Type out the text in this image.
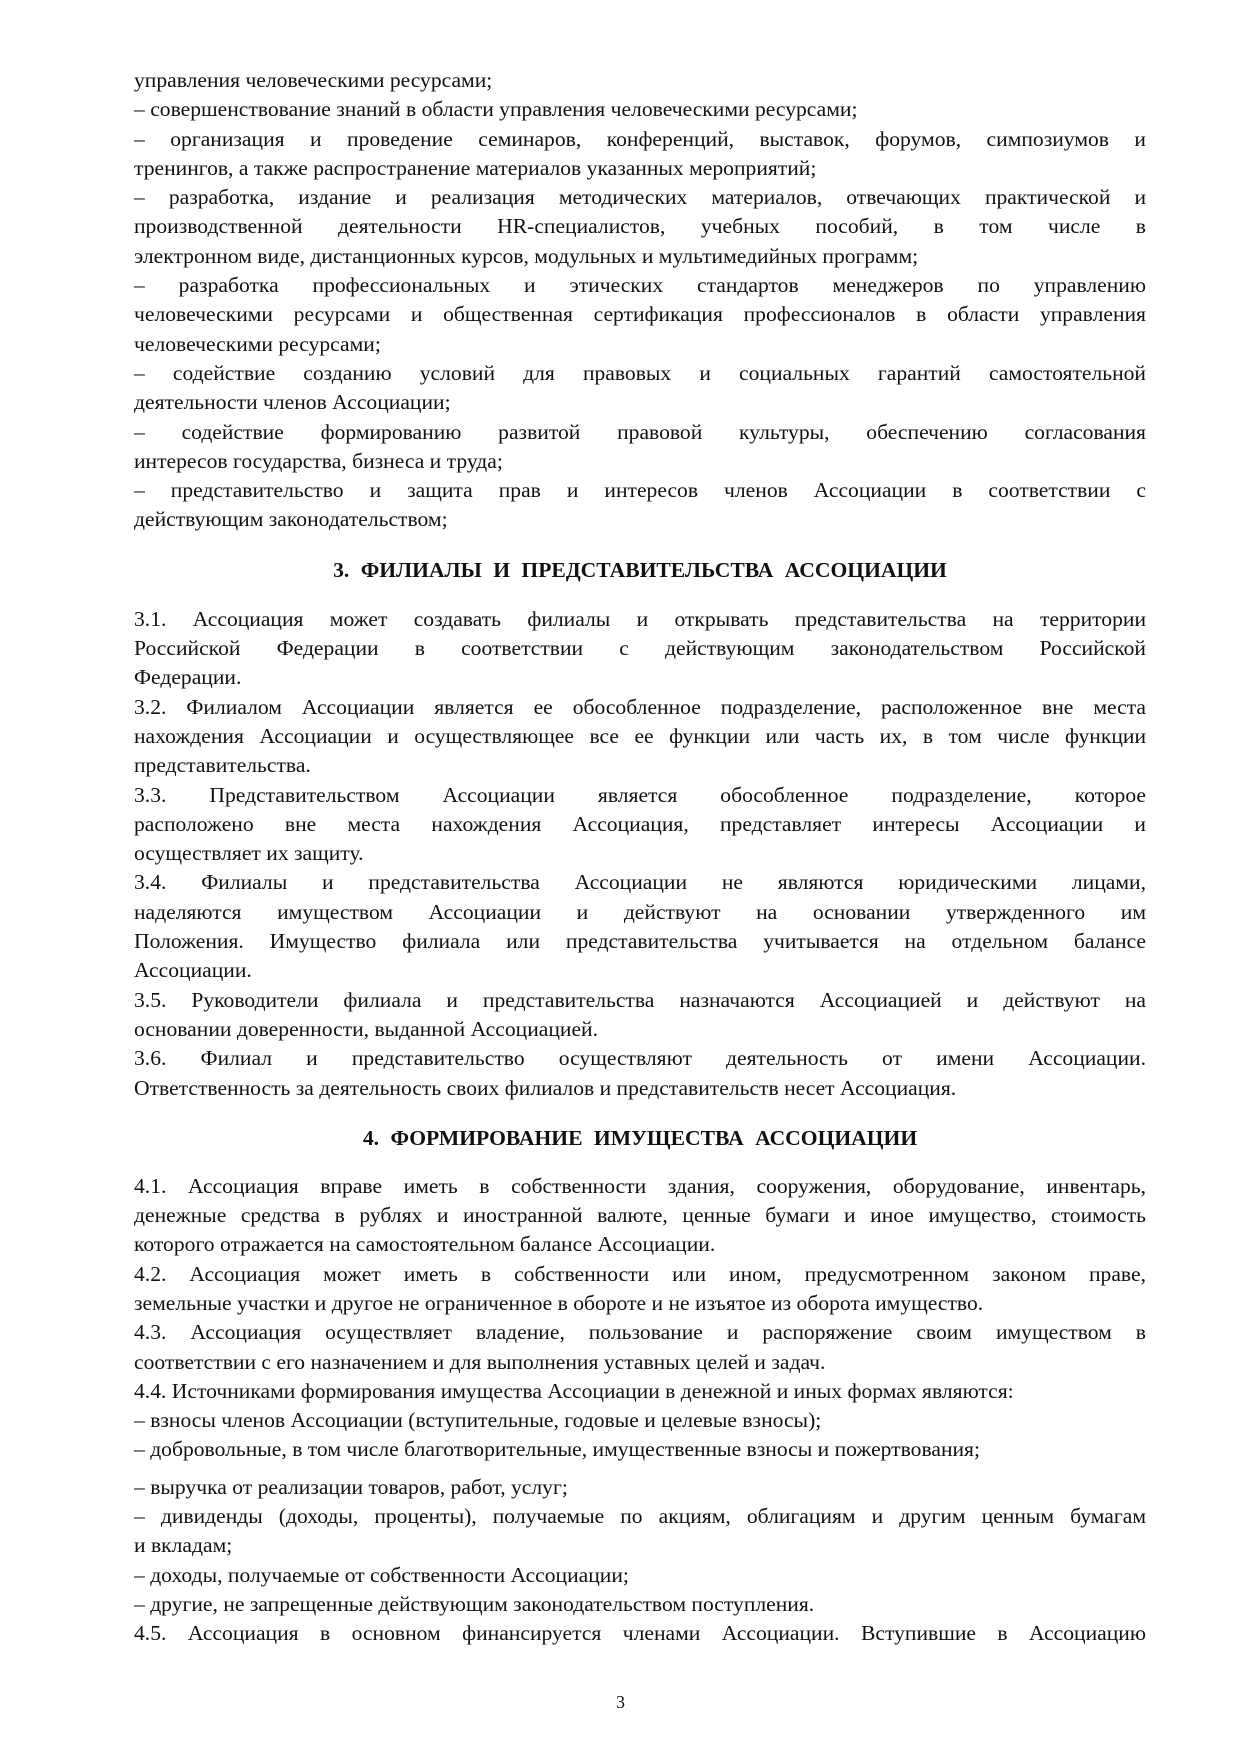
управления человеческими ресурсами;
– совершенствование знаний в области управления человеческими ресурсами;
– организация и проведение семинаров, конференций, выставок, форумов, симпозиумов и
тренингов, а также распространение материалов указанных мероприятий;
– разработка, издание и реализация методических материалов, отвечающих практической и
производственной деятельности HR-специалистов, учебных пособий, в том числе в
электронном виде, дистанционных курсов, модульных и мультимедийных программ;
– разработка профессиональных и этических стандартов менеджеров по управлению
человеческими ресурсами и общественная сертификация профессионалов в области управления
человеческими ресурсами;
– содействие созданию условий для правовых и социальных гарантий самостоятельной
деятельности членов Ассоциации;
– содействие формированию развитой правовой культуры, обеспечению согласования
интересов государства, бизнеса и труда;
– представительство и защита прав и интересов членов Ассоциации в соответствии с
действующим законодательством;
3. ФИЛИАЛЫ И ПРЕДСТАВИТЕЛЬСТВА АССОЦИАЦИИ
3.1. Ассоциация может создавать филиалы и открывать представительства на территории
Российской Федерации в соответствии с действующим законодательством Российской
Федерации.
3.2. Филиалом Ассоциации является ее обособленное подразделение, расположенное вне места
нахождения Ассоциации и осуществляющее все ее функции или часть их, в том числе функции
представительства.
3.3. Представительством Ассоциации является обособленное подразделение, которое
расположено вне места нахождения Ассоциация, представляет интересы Ассоциации и
осуществляет их защиту.
3.4. Филиалы и представительства Ассоциации не являются юридическими лицами,
наделяются имуществом Ассоциации и действуют на основании утвержденного им
Положения. Имущество филиала или представительства учитывается на отдельном балансе
Ассоциации.
3.5. Руководители филиала и представительства назначаются Ассоциацией и действуют на
основании доверенности, выданной Ассоциацией.
3.6. Филиал и представительство осуществляют деятельность от имени Ассоциации.
Ответственность за деятельность своих филиалов и представительств несет Ассоциация.
4. ФОРМИРОВАНИЕ ИМУЩЕСТВА АССОЦИАЦИИ
4.1. Ассоциация вправе иметь в собственности здания, сооружения, оборудование, инвентарь,
денежные средства в рублях и иностранной валюте, ценные бумаги и иное имущество, стоимость
которого отражается на самостоятельном балансе Ассоциации.
4.2. Ассоциация может иметь в собственности или ином, предусмотренном законом праве,
земельные участки и другое не ограниченное в обороте и не изъятое из оборота имущество.
4.3. Ассоциация осуществляет владение, пользование и распоряжение своим имуществом в
соответствии с его назначением и для выполнения уставных целей и задач.
4.4. Источниками формирования имущества Ассоциации в денежной и иных формах являются:
– взносы членов Ассоциации (вступительные, годовые и целевые взносы);
– добровольные, в том числе благотворительные, имущественные взносы и пожертвования;
– выручка от реализации товаров, работ, услуг;
– дивиденды (доходы, проценты), получаемые по акциям, облигациям и другим ценным бумагам
и вкладам;
– доходы, получаемые от собственности Ассоциации;
– другие, не запрещенные действующим законодательством поступления.
4.5. Ассоциация в основном финансируется членами Ассоциации. Вступившие в Ассоциацию
3
